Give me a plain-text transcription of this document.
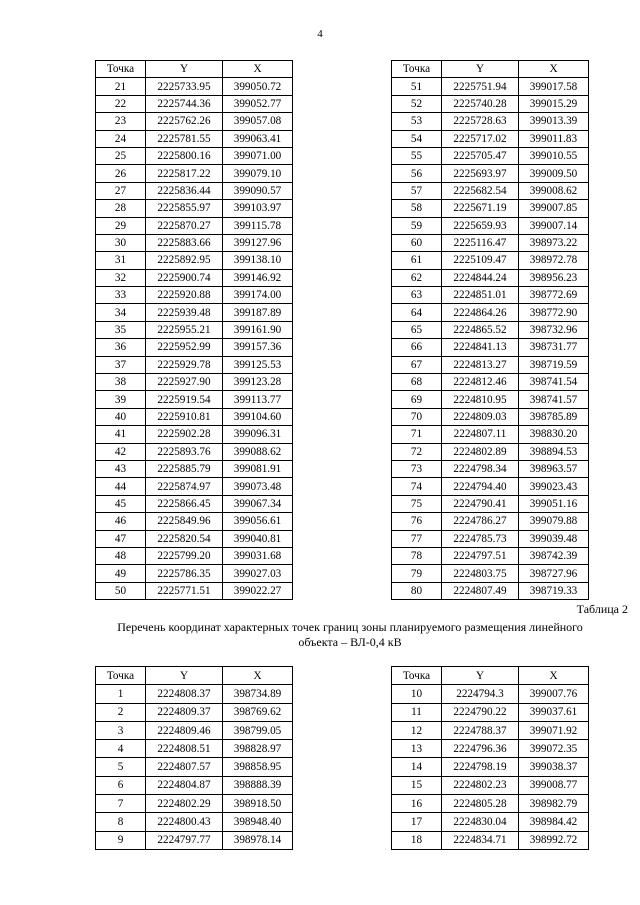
4
Точка	Y	X
21	2225733.95	399050.72
22	2225744.36	399052.77
23	2225762.26	399057.08
24	2225781.55	399063.41
25	2225800.16	399071.00
26	2225817.22	399079.10
27	2225836.44	399090.57
28	2225855.97	399103.97
29	2225870.27	399115.78
30	2225883.66	399127.96
31	2225892.95	399138.10
32	2225900.74	399146.92
33	2225920.88	399174.00
34	2225939.48	399187.89
35	2225955.21	399161.90
36	2225952.99	399157.36
37	2225929.78	399125.53
38	2225927.90	399123.28
39	2225919.54	399113.77
40	2225910.81	399104.60
41	2225902.28	399096.31
42	2225893.76	399088.62
43	2225885.79	399081.91
44	2225874.97	399073.48
45	2225866.45	399067.34
46	2225849.96	399056.61
47	2225820.54	399040.81
48	2225799.20	399031.68
49	2225786.35	399027.03
50	2225771.51	399022.27
Точка	Y	X
51	2225751.94	399017.58
52	2225740.28	399015.29
53	2225728.63	399013.39
54	2225717.02	399011.83
55	2225705.47	399010.55
56	2225693.97	399009.50
57	2225682.54	399008.62
58	2225671.19	399007.85
59	2225659.93	399007.14
60	2225116.47	398973.22
61	2225109.47	398972.78
62	2224844.24	398956.23
63	2224851.01	398772.69
64	2224864.26	398772.90
65	2224865.52	398732.96
66	2224841.13	398731.77
67	2224813.27	398719.59
68	2224812.46	398741.54
69	2224810.95	398741.57
70	2224809.03	398785.89
71	2224807.11	398830.20
72	2224802.89	398894.53
73	2224798.34	398963.57
74	2224794.40	399023.43
75	2224790.41	399051.16
76	2224786.27	399079.88
77	2224785.73	399039.48
78	2224797.51	398742.39
79	2224803.75	398727.96
80	2224807.49	398719.33
Таблица 2
Перечень координат характерных точек границ зоны планируемого размещения линейного объекта – ВЛ-0,4 кВ
Точка	Y	X
1	2224808.37	398734.89
2	2224809.37	398769.62
3	2224809.46	398799.05
4	2224808.51	398828.97
5	2224807.57	398858.95
6	2224804.87	398888.39
7	2224802.29	398918.50
8	2224800.43	398948.40
9	2224797.77	398978.14
Точка	Y	X
10	2224794.3	399007.76
11	2224790.22	399037.61
12	2224788.37	399071.92
13	2224796.36	399072.35
14	2224798.19	399038.37
15	2224802.23	399008.77
16	2224805.28	398982.79
17	2224830.04	398984.42
18	2224834.71	398992.72
